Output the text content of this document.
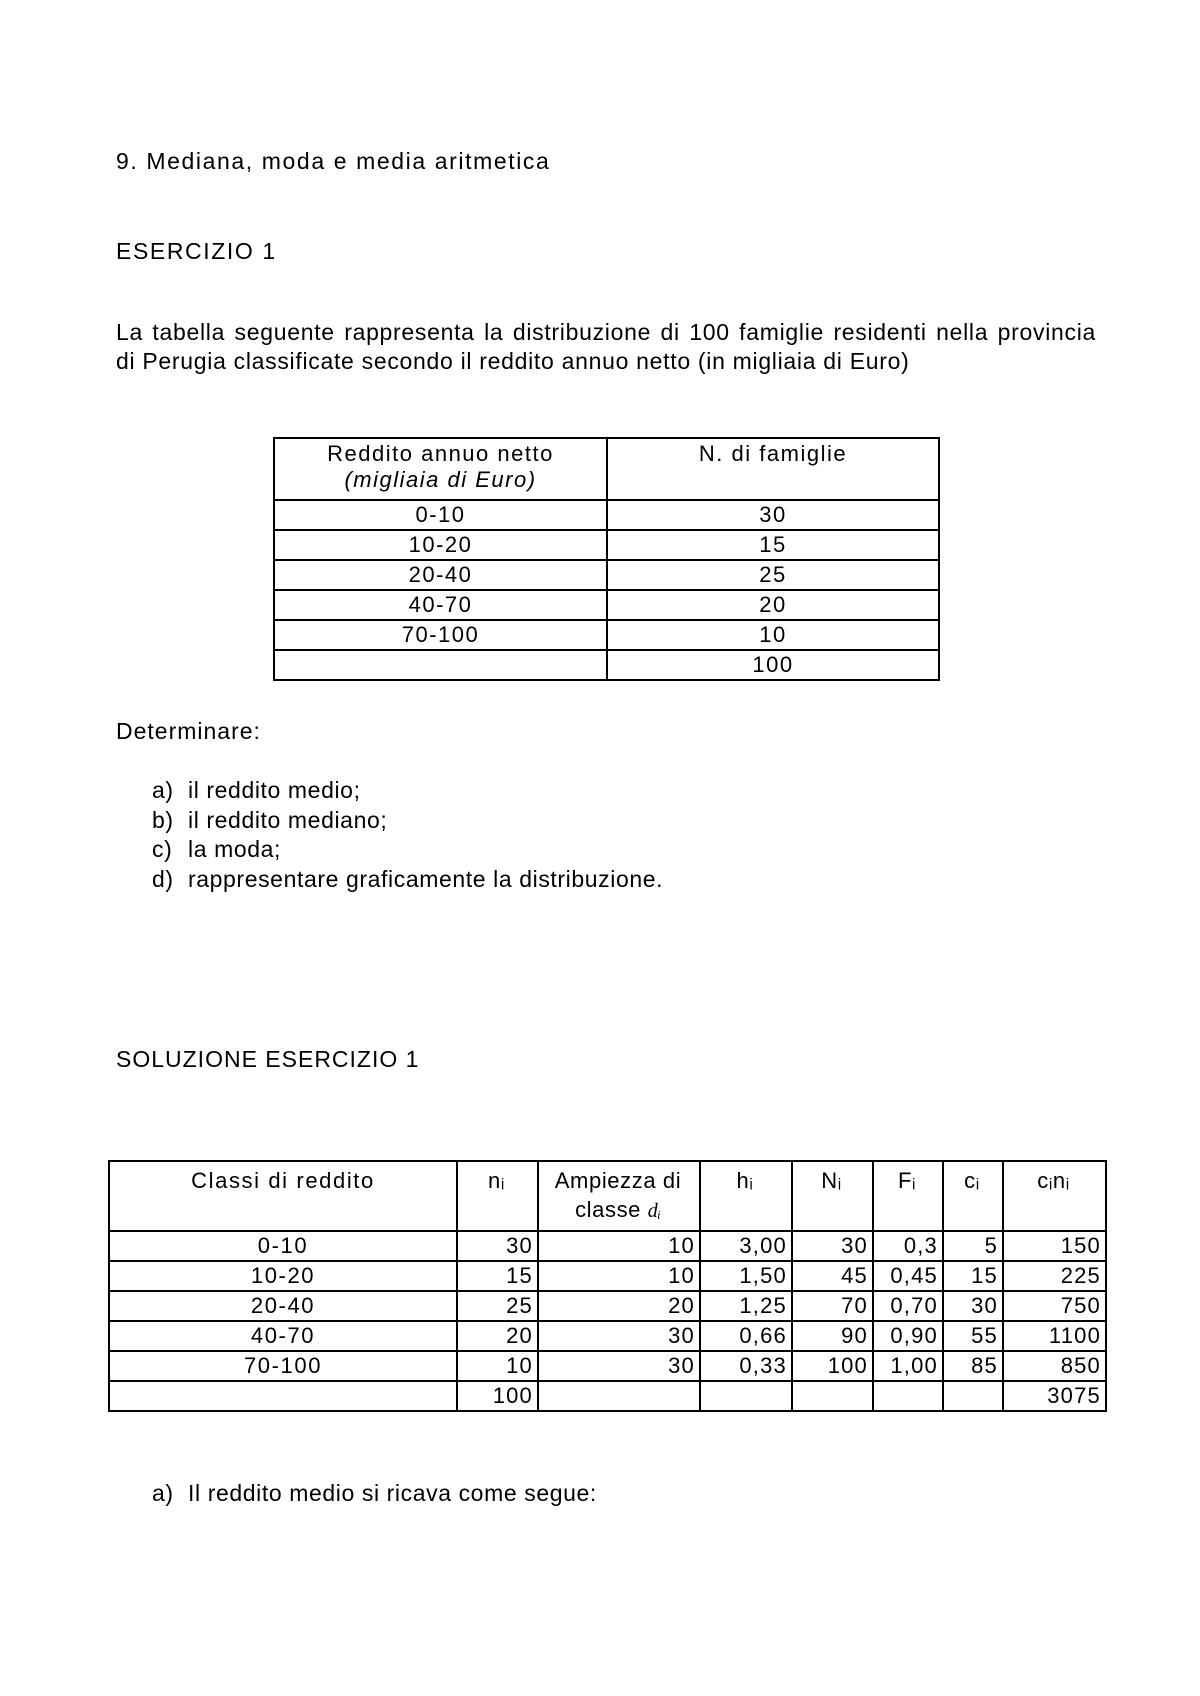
9. Mediana, moda e media aritmetica
ESERCIZIO 1
La tabella seguente rappresenta la distribuzione di 100 famiglie residenti nella provincia di Perugia classificate secondo il reddito annuo netto (in migliaia di Euro)
Reddito annuo netto
(migliaia di Euro)	N. di famiglie
0-10	30
10-20	15
20-40	25
40-70	20
70-100	10
	100
Determinare:
a) il reddito medio;
b) il reddito mediano;
c) la moda;
d) rappresentare graficamente la distribuzione.
SOLUZIONE ESERCIZIO 1
Classi di reddito	nᵢ	Ampiezza di
classe dᵢ	hᵢ	Nᵢ	Fᵢ	cᵢ	cᵢnᵢ
0-10	30	10	3,00	30	0,3	5	150
10-20	15	10	1,50	45	0,45	15	225
20-40	25	20	1,25	70	0,70	30	750
40-70	20	30	0,66	90	0,90	55	1100
70-100	10	30	0,33	100	1,00	85	850
	100						3075
a) Il reddito medio si ricava come segue:
